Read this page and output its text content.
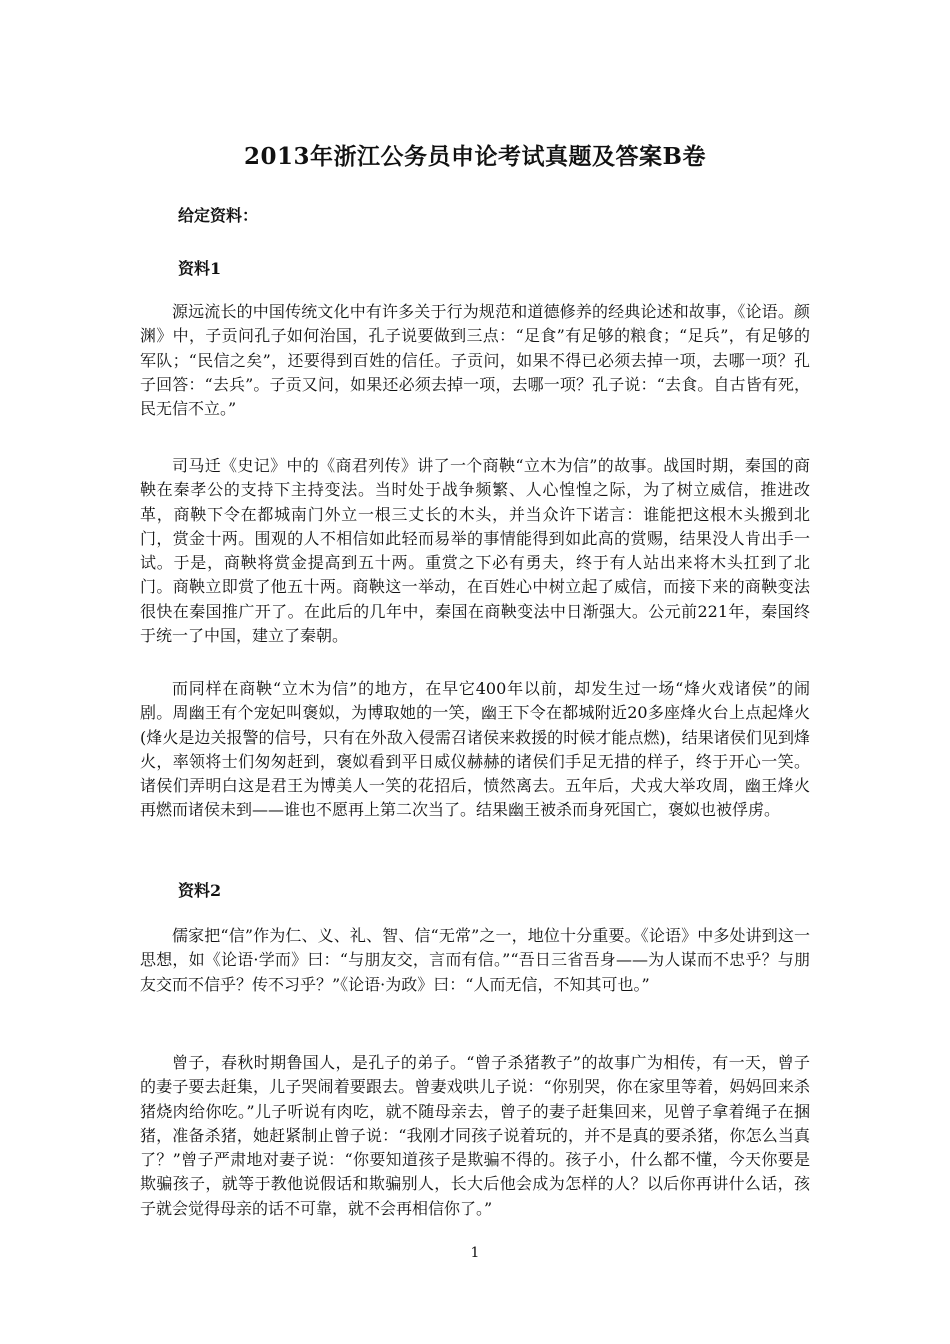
2013年浙江公务员申论考试真题及答案B卷
给定资料：
资料1

源远流长的中国传统文化中有许多关于行为规范和道德修养的经典论述和故事，《论语。颜渊》中，子贡问孔子如何治国，孔子说要做到三点：“足食”有足够的粮食；“足兵”，有足够的军队；“民信之矣”，还要得到百姓的信任。子贡问，如果不得已必须去掉一项，去哪一项？孔子回答：“去兵”。子贡又问，如果还必须去掉一项，去哪一项？孔子说：“去食。自古皆有死，民无信不立。”

司马迁《史记》中的《商君列传》讲了一个商鞅“立木为信”的故事。战国时期，秦国的商鞅在秦孝公的支持下主持变法。当时处于战争频繁、人心惶惶之际，为了树立威信，推进改革，商鞅下令在都城南门外立一根三丈长的木头，并当众许下诺言：谁能把这根木头搬到北门，赏金十两。围观的人不相信如此轻而易举的事情能得到如此高的赏赐，结果没人肯出手一试。于是，商鞅将赏金提高到五十两。重赏之下必有勇夫，终于有人站出来将木头扛到了北门。商鞅立即赏了他五十两。商鞅这一举动，在百姓心中树立起了威信，而接下来的商鞅变法很快在秦国推广开了。在此后的几年中，秦国在商鞅变法中日渐强大。公元前221年，秦国终于统一了中国，建立了秦朝。

而同样在商鞅“立木为信”的地方，在早它400年以前，却发生过一场“烽火戏诸侯”的闹剧。周幽王有个宠妃叫褒姒，为博取她的一笑，幽王下令在都城附近20多座烽火台上点起烽火(烽火是边关报警的信号，只有在外敌入侵需召诸侯来救援的时候才能点燃)，结果诸侯们见到烽火，率领将士们匆匆赶到，褒姒看到平日威仪赫赫的诸侯们手足无措的样子，终于开心一笑。诸侯们弄明白这是君王为博美人一笑的花招后，愤然离去。五年后，犬戎大举攻周，幽王烽火再燃而诸侯未到——谁也不愿再上第二次当了。结果幽王被杀而身死国亡，褒姒也被俘虏。

资料2

儒家把“信”作为仁、义、礼、智、信“无常”之一，地位十分重要。《论语》中多处讲到这一思想，如《论语·学而》曰：“与朋友交，言而有信。”“吾日三省吾身——为人谋而不忠乎？与朋友交而不信乎？传不习乎？”《论语·为政》曰：“人而无信，不知其可也。”

曾子，春秋时期鲁国人，是孔子的弟子。“曾子杀猪教子”的故事广为相传，有一天，曾子的妻子要去赶集，儿子哭闹着要跟去。曾妻戏哄儿子说：“你别哭，你在家里等着，妈妈回来杀猪烧肉给你吃。”儿子听说有肉吃，就不随母亲去，曾子的妻子赶集回来，见曾子拿着绳子在捆猪，准备杀猪，她赶紧制止曾子说：“我刚才同孩子说着玩的，并不是真的要杀猪，你怎么当真了？”曾子严肃地对妻子说：“你要知道孩子是欺骗不得的。孩子小，什么都不懂，今天你要是欺骗孩子，就等于教他说假话和欺骗别人，长大后他会成为怎样的人？以后你再讲什么话，孩子就会觉得母亲的话不可靠，就不会再相信你了。”

1
